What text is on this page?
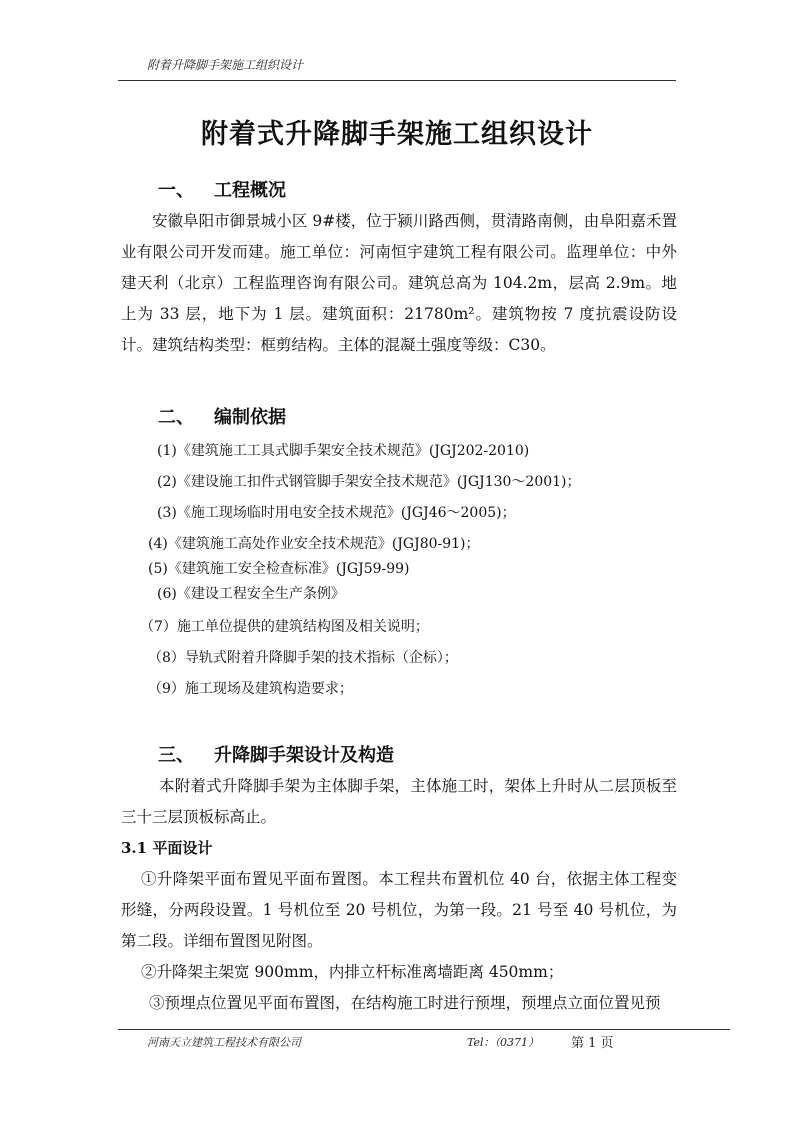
附着升降脚手架施工组织设计
附着式升降脚手架施工组织设计
一、 工程概况
安徽阜阳市御景城小区 9#楼，位于颍川路西侧，贯清路南侧，由阜阳嘉禾置业有限公司开发而建。施工单位：河南恒宇建筑工程有限公司。监理单位：中外建天利（北京）工程监理咨询有限公司。建筑总高为 104.2m，层高 2.9m。地上为 33 层，地下为 1 层。建筑面积：21780m²。建筑物按 7 度抗震设防设计。建筑结构类型：框剪结构。主体的混凝土强度等级：C30。
二、 编制依据
(1)《建筑施工工具式脚手架安全技术规范》(JGJ202-2010)
(2)《建设施工扣件式钢管脚手架安全技术规范》(JGJ130～2001)；
(3)《施工现场临时用电安全技术规范》(JGJ46～2005)；
(4)《建筑施工高处作业安全技术规范》(JGJ80-91)；
(5)《建筑施工安全检查标准》(JGJ59-99)
(6)《建设工程安全生产条例》
（7）施工单位提供的建筑结构图及相关说明；
（8）导轨式附着升降脚手架的技术指标（企标）；
（9）施工现场及建筑构造要求；
三、 升降脚手架设计及构造
本附着式升降脚手架为主体脚手架，主体施工时，架体上升时从二层顶板至三十三层顶板标高止。
3.1 平面设计
①升降架平面布置见平面布置图。本工程共布置机位 40 台，依据主体工程变形缝，分两段设置。1 号机位至 20 号机位，为第一段。21 号至 40 号机位，为第二段。详细布置图见附图。
②升降架主架宽 900mm，内排立杆标准离墙距离 450mm；
③预埋点位置见平面布置图，在结构施工时进行预埋，预埋点立面位置见预
河南天立建筑工程技术有限公司	Tel：（0371） 第 1 页
